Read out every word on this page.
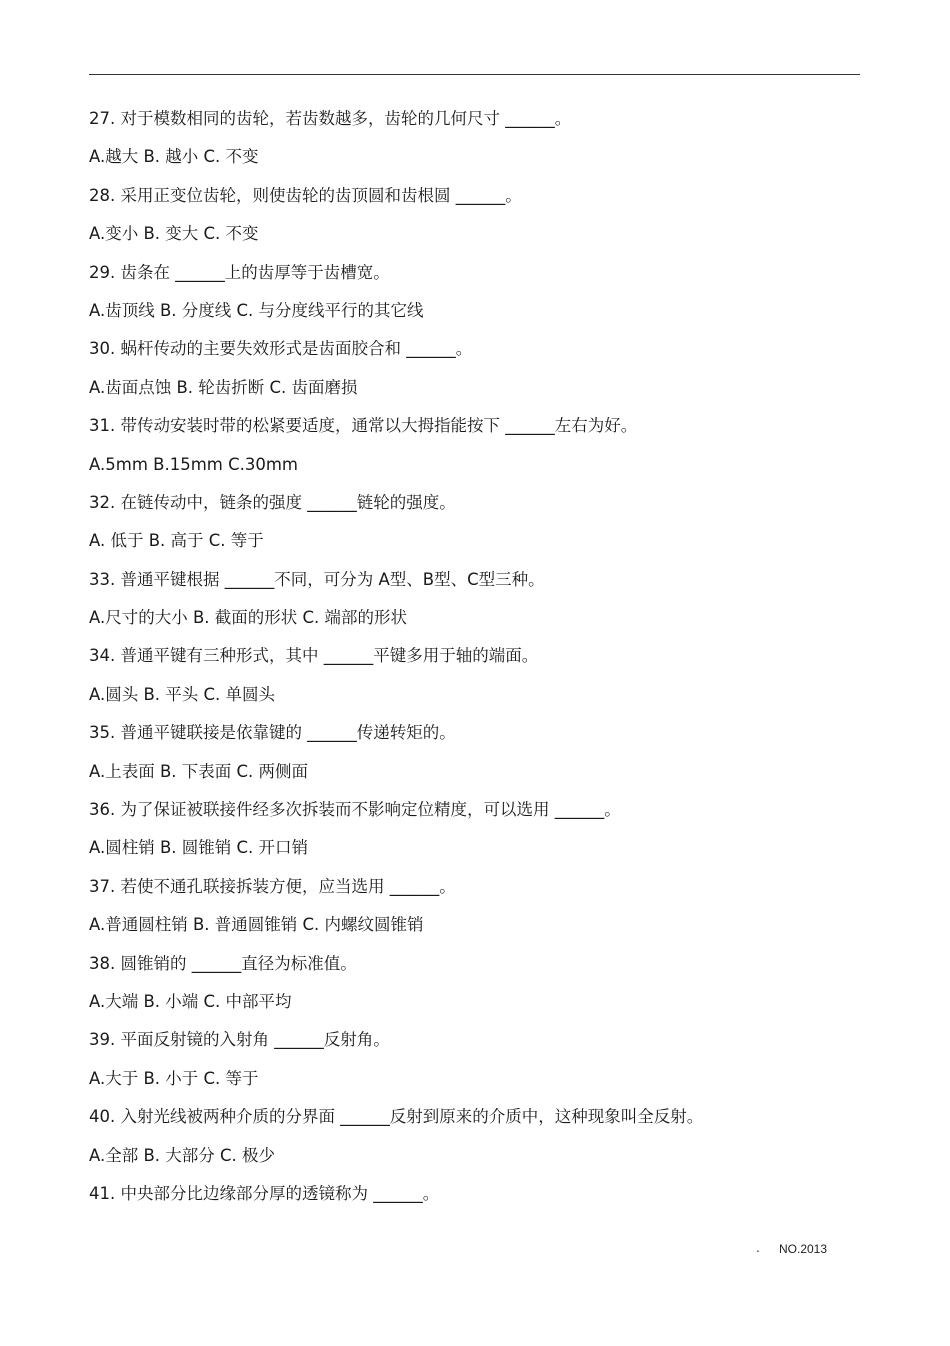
27. 对于模数相同的齿轮，若齿数越多，齿轮的几何尺寸 ______。
A.越大 B. 越小 C. 不变
28. 采用正变位齿轮，则使齿轮的齿顶圆和齿根圆 ______。
A.变小 B. 变大 C. 不变
29. 齿条在 ______上的齿厚等于齿槽宽。
A.齿顶线 B. 分度线 C. 与分度线平行的其它线
30. 蜗杆传动的主要失效形式是齿面胶合和 ______。
A.齿面点蚀 B. 轮齿折断 C. 齿面磨损
31. 带传动安装时带的松紧要适度，通常以大拇指能按下 ______左右为好。
A.5mm B.15mm C.30mm
32. 在链传动中，链条的强度 ______链轮的强度。
A. 低于 B. 高于 C. 等于
33. 普通平键根据 ______不同，可分为 A型、B型、C型三种。
A.尺寸的大小 B. 截面的形状 C. 端部的形状
34. 普通平键有三种形式，其中 ______平键多用于轴的端面。
A.圆头 B. 平头 C. 单圆头
35. 普通平键联接是依靠键的 ______传递转矩的。
A.上表面 B. 下表面 C. 两侧面
36. 为了保证被联接件经多次拆装而不影响定位精度，可以选用 ______。
A.圆柱销 B. 圆锥销 C. 开口销
37. 若使不通孔联接拆装方便，应当选用 ______。
A.普通圆柱销 B. 普通圆锥销 C. 内螺纹圆锥销
38. 圆锥销的 ______直径为标准值。
A.大端 B. 小端 C. 中部平均
39. 平面反射镜的入射角 ______反射角。
A.大于 B. 小于 C. 等于
40. 入射光线被两种介质的分界面 ______反射到原来的介质中，这种现象叫全反射。
A.全部 B. 大部分 C. 极少
41. 中央部分比边缘部分厚的透镜称为 ______。
. NO.2013
